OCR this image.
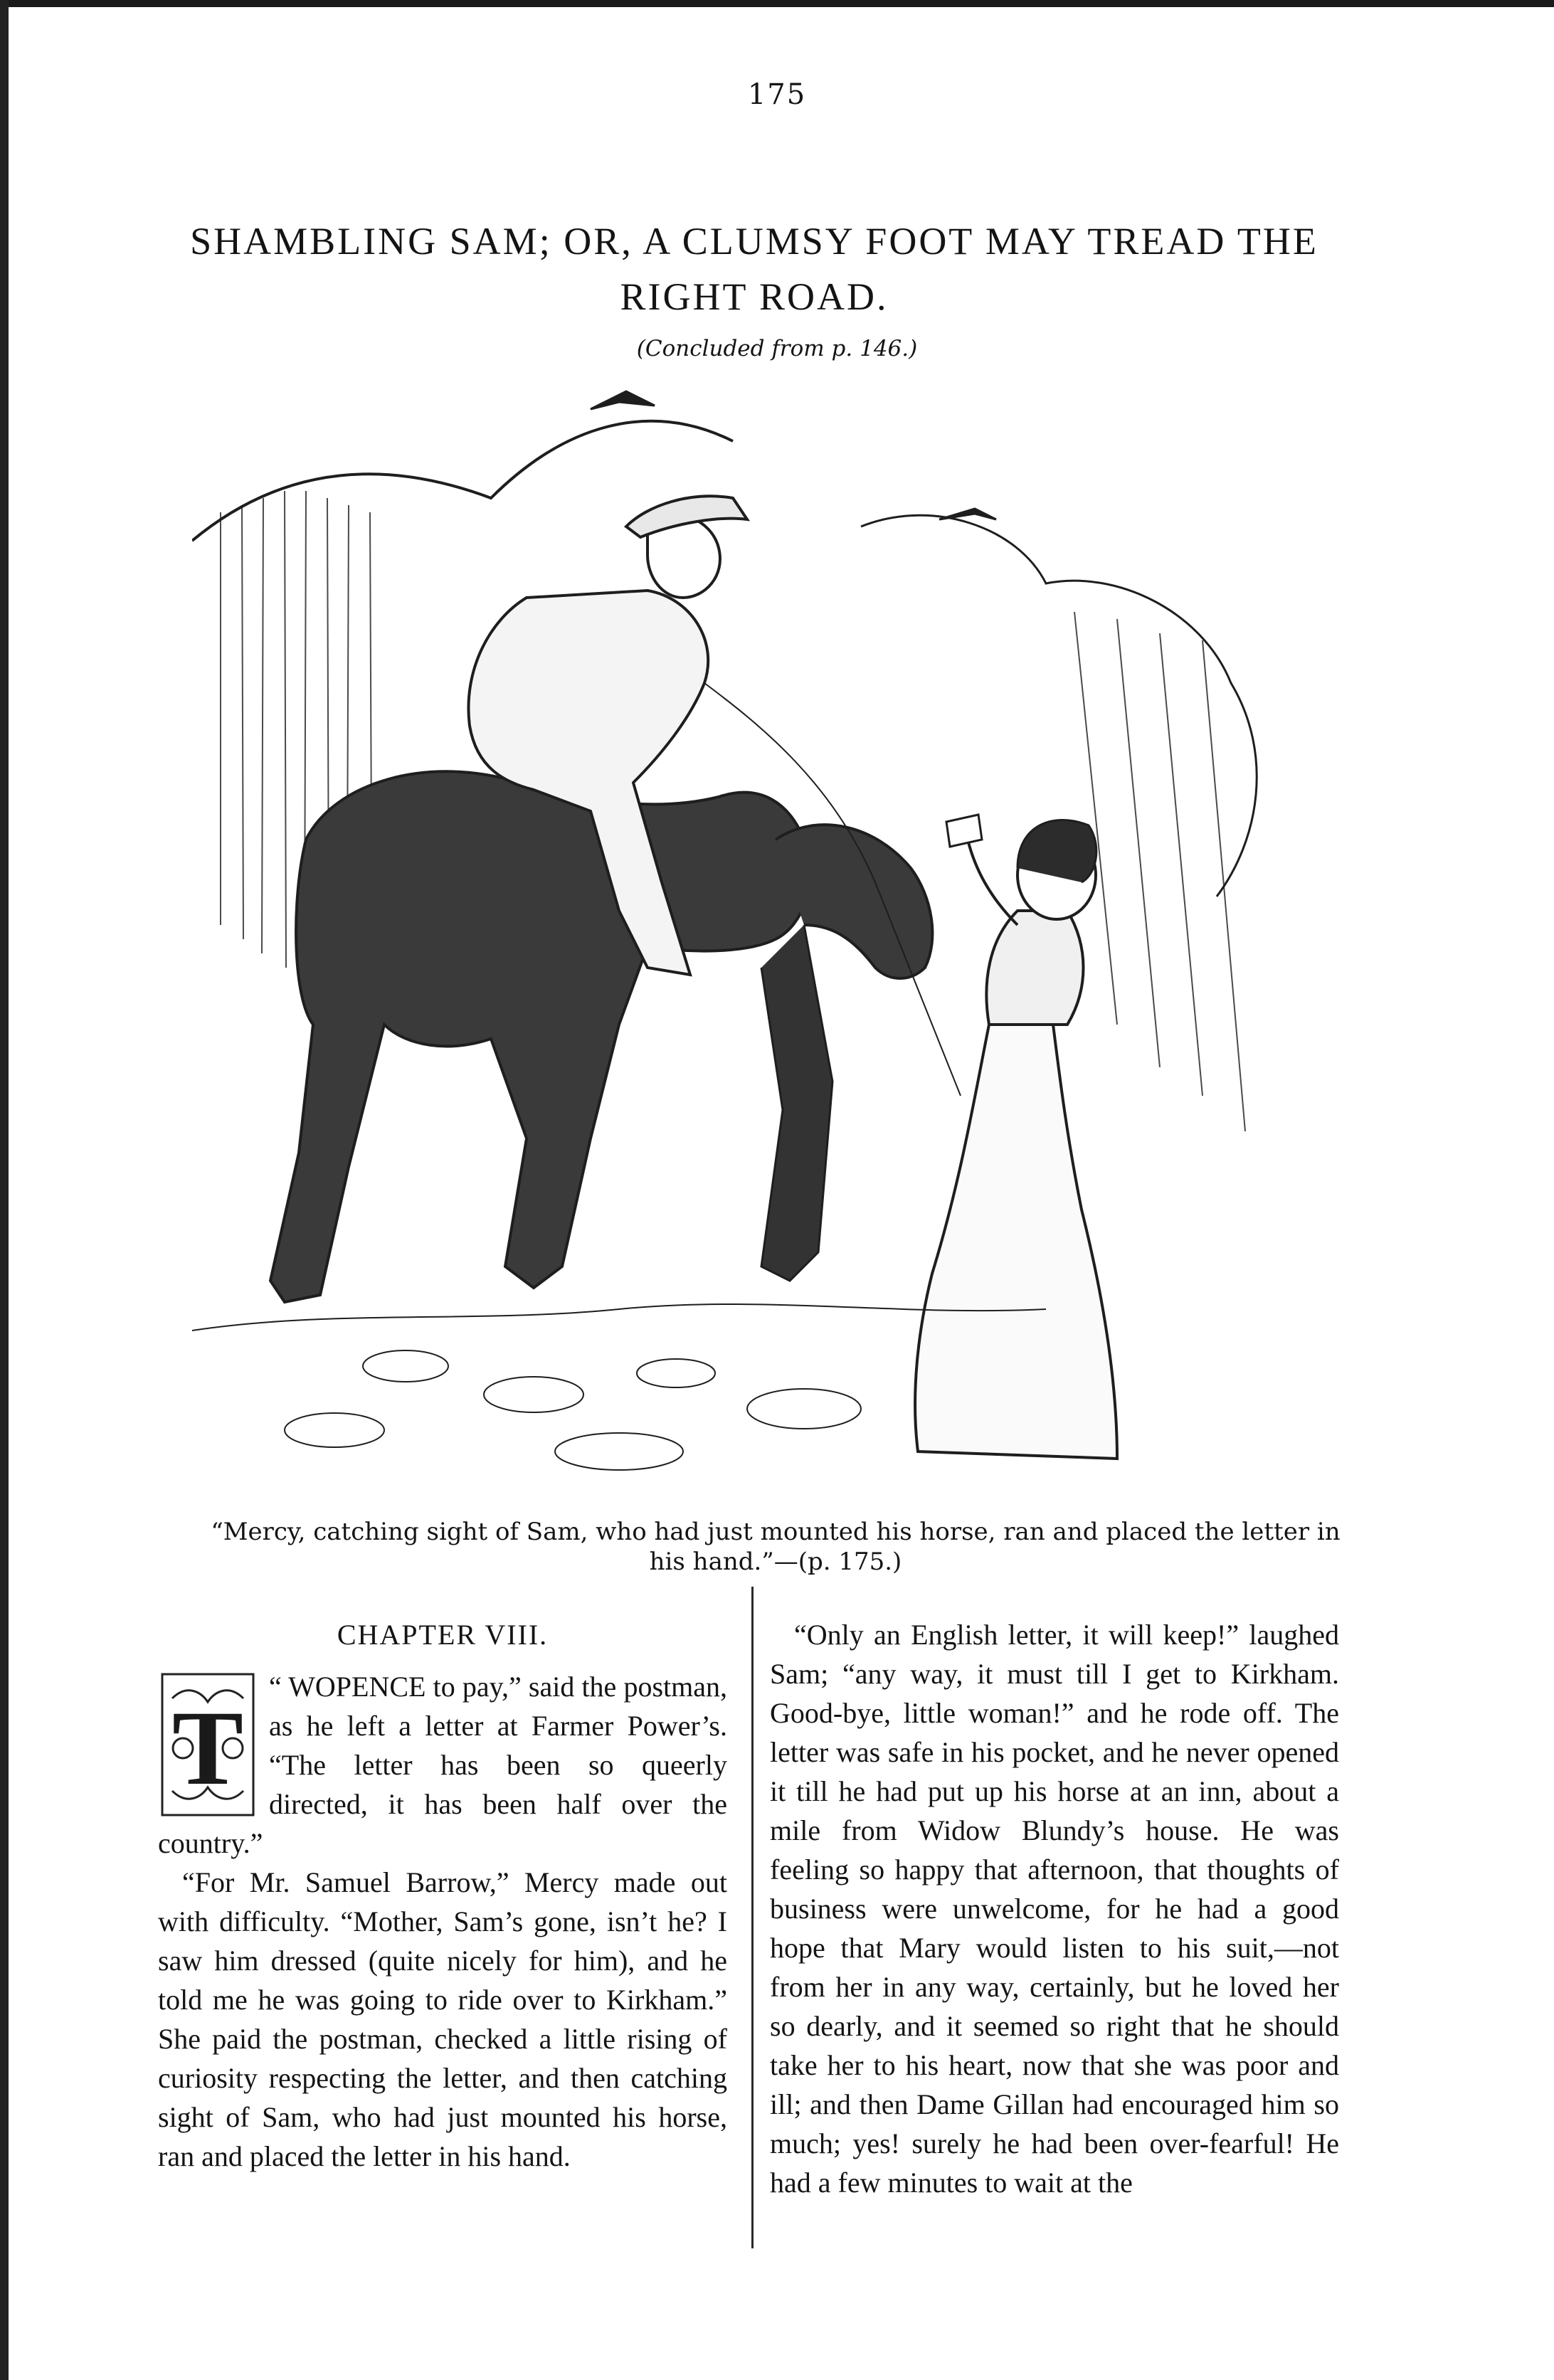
175
SHAMBLING SAM; OR, A CLUMSY FOOT MAY TREAD THE RIGHT ROAD.
(Concluded from p. 146.)
“Mercy, catching sight of Sam, who had just mounted his horse, ran and placed the letter in his hand.”—(p. 175.)
CHAPTER VIII.
T

“ WOPENCE to pay,” said the postman, as he left a letter at Farmer Power’s. “The letter has been so queerly directed, it has been half over the country.”

“For Mr. Samuel Barrow,” Mercy made out with difficulty. “Mother, Sam’s gone, isn’t he? I saw him dressed (quite nicely for him), and he told me he was going to ride over to Kirkham.” She paid the postman, checked a little rising of curiosity respecting the letter, and then catching sight of Sam, who had just mounted his horse, ran and placed the letter in his hand.

“Only an English letter, it will keep!” laughed Sam; “any way, it must till I get to Kirkham. Good-bye, little woman!” and he rode off. The letter was safe in his pocket, and he never opened it till he had put up his horse at an inn, about a mile from Widow Blundy’s house. He was feeling so happy that afternoon, that thoughts of business were unwelcome, for he had a good hope that Mary would listen to his suit,—not from her in any way, certainly, but he loved her so dearly, and it seemed so right that he should take her to his heart, now that she was poor and ill; and then Dame Gillan had encouraged him so much; yes! surely he had been over-fearful! He had a few minutes to wait at the
